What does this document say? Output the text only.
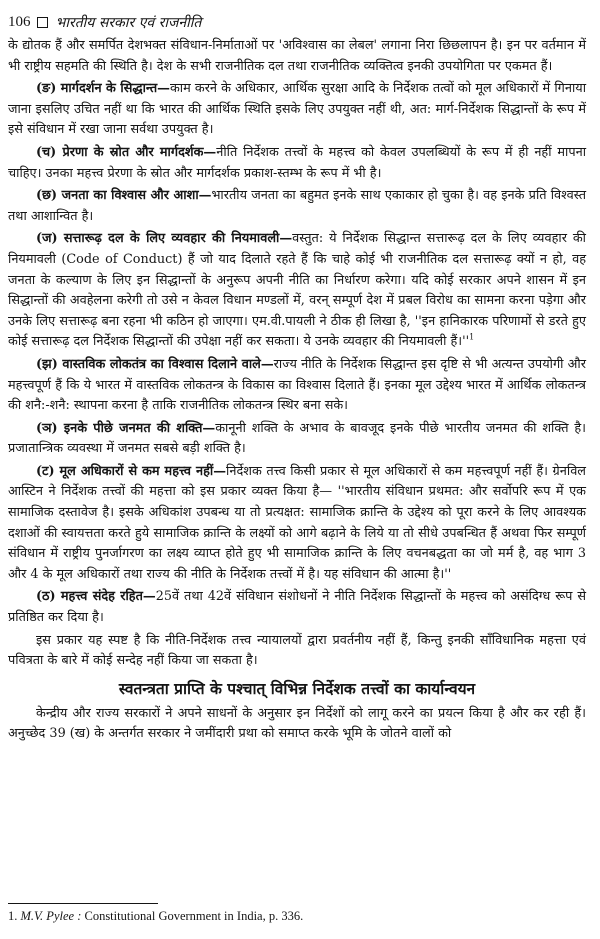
106 भारतीय सरकार एवं राजनीति

के द्योतक हैं और समर्पित देशभक्त संविधान-निर्माताओं पर 'अविश्वास का लेबल' लगाना निरा छिछलापन है। इन पर वर्तमान में भी राष्ट्रीय सहमति की स्थिति है। देश के सभी राजनीतिक दल तथा राजनीतिक व्यक्तित्व इनकी उपयोगिता पर एकमत हैं।

(ङ) मार्गदर्शन के सिद्धान्त—काम करने के अधिकार, आर्थिक सुरक्षा आदि के निर्देशक तत्वों को मूल अधिकारों में गिनाया जाना इसलिए उचित नहीं था कि भारत की आर्थिक स्थिति इसके लिए उपयुक्त नहीं थी, अत: मार्ग-निर्देशक सिद्धान्तों के रूप में इसे संविधान में रखा जाना सर्वथा उपयुक्त है।

(च) प्रेरणा के स्रोत और मार्गदर्शक—नीति निर्देशक तत्त्वों के महत्त्व को केवल उपलब्धियों के रूप में ही नहीं मापना चाहिए। उनका महत्त्व प्रेरणा के स्रोत और मार्गदर्शक प्रकाश-स्तम्भ के रूप में भी है।

(छ) जनता का विश्वास और आशा—भारतीय जनता का बहुमत इनके साथ एकाकार हो चुका है। वह इनके प्रति विश्वस्त तथा आशान्वित है।

(ज) सत्तारूढ़ दल के लिए व्यवहार की नियमावली—वस्तुत: ये निर्देशक सिद्धान्त सत्तारूढ़ दल के लिए व्यवहार की नियमावली (Code of Conduct) हैं जो याद दिलाते रहते हैं कि चाहे कोई भी राजनीतिक दल सत्तारूढ़ क्यों न हो, वह जनता के कल्याण के लिए इन सिद्धान्तों के अनुरूप अपनी नीति का निर्धारण करेगा। यदि कोई सरकार अपने शासन में इन सिद्धान्तों की अवहेलना करेगी तो उसे न केवल विधान मण्डलों में, वरन् सम्पूर्ण देश में प्रबल विरोध का सामना करना पड़ेगा और उनके लिए सत्तारूढ़ बना रहना भी कठिन हो जाएगा। एम.वी.पायली ने ठीक ही लिखा है, ''इन हानिकारक परिणामों से डरते हुए कोई सत्तारूढ़ दल निर्देशक सिद्धान्तों की उपेक्षा नहीं कर सकता। ये उनके व्यवहार की नियमावली $हैं।''^1$

(झ) वास्तविक लोकतंत्र का विश्वास दिलाने वाले—राज्य नीति के निर्देशक सिद्धान्त इस दृष्टि से भी अत्यन्त उपयोगी और महत्त्वपूर्ण हैं कि ये भारत में वास्तविक लोकतन्त्र के विकास का विश्वास दिलाते हैं। इनका मूल उद्देश्य भारत में आर्थिक लोकतन्त्र की शनै:-शनै: स्थापना करना है ताकि राजनीतिक लोकतन्त्र स्थिर बना सके।

(ञ) इनके पीछे जनमत की शक्ति—कानूनी शक्ति के अभाव के बावजूद इनके पीछे भारतीय जनमत की शक्ति है। प्रजातान्त्रिक व्यवस्था में जनमत सबसे बड़ी शक्ति है।

(ट) मूल अधिकारों से कम महत्त्व नहीं—निर्देशक तत्त्व किसी प्रकार से मूल अधिकारों से कम महत्त्वपूर्ण नहीं हैं। ग्रेनविल आस्टिन ने निर्देशक तत्त्वों की महत्ता को इस प्रकार व्यक्त किया है— ''भारतीय संविधान प्रथमत: और सर्वोपरि रूप में एक सामाजिक दस्तावेज है। इसके अधिकांश उपबन्ध या तो प्रत्यक्षत: सामाजिक क्रान्ति के उद्देश्य को पूरा करने के लिए आवश्यक दशाओं की स्वायत्तता करते हुये सामाजिक क्रान्ति के लक्ष्यों को आगे बढ़ाने के लिये या तो सीधे उपबन्धित हैं अथवा फिर सम्पूर्ण संविधान में राष्ट्रीय पुनर्जागरण का लक्ष्य व्याप्त होते हुए भी सामाजिक क्रान्ति के लिए वचनबद्धता का जो मर्म है, वह भाग 3 और 4 के मूल अधिकारों तथा राज्य की नीति के निर्देशक तत्त्वों में है। यह संविधान की आत्मा है।''

(ठ) महत्त्व संदेह रहित—25वें तथा 42वें संविधान संशोधनों ने नीति निर्देशक सिद्धान्तों के महत्त्व को असंदिग्ध रूप से प्रतिष्ठित कर दिया है।

इस प्रकार यह स्पष्ट है कि नीति-निर्देशक तत्त्व न्यायालयों द्वारा प्रवर्तनीय नहीं हैं, किन्तु इनकी साँविधानिक महत्ता एवं पवित्रता के बारे में कोई सन्देह नहीं किया जा सकता है।

स्वतन्त्रता प्राप्ति के पश्चात् विभिन्न निर्देशक तत्त्वों का कार्यान्वयन

केन्द्रीय और राज्य सरकारों ने अपने साधनों के अनुसार इन निर्देशों को लागू करने का प्रयत्न किया है और कर रही हैं। अनुच्छेद 39 (ख) के अन्तर्गत सरकार ने जमींदारी प्रथा को समाप्त करके भूमि के जोतने वालों को

1. M.V. Pylee : Constitutional Government in India, p. 336.
